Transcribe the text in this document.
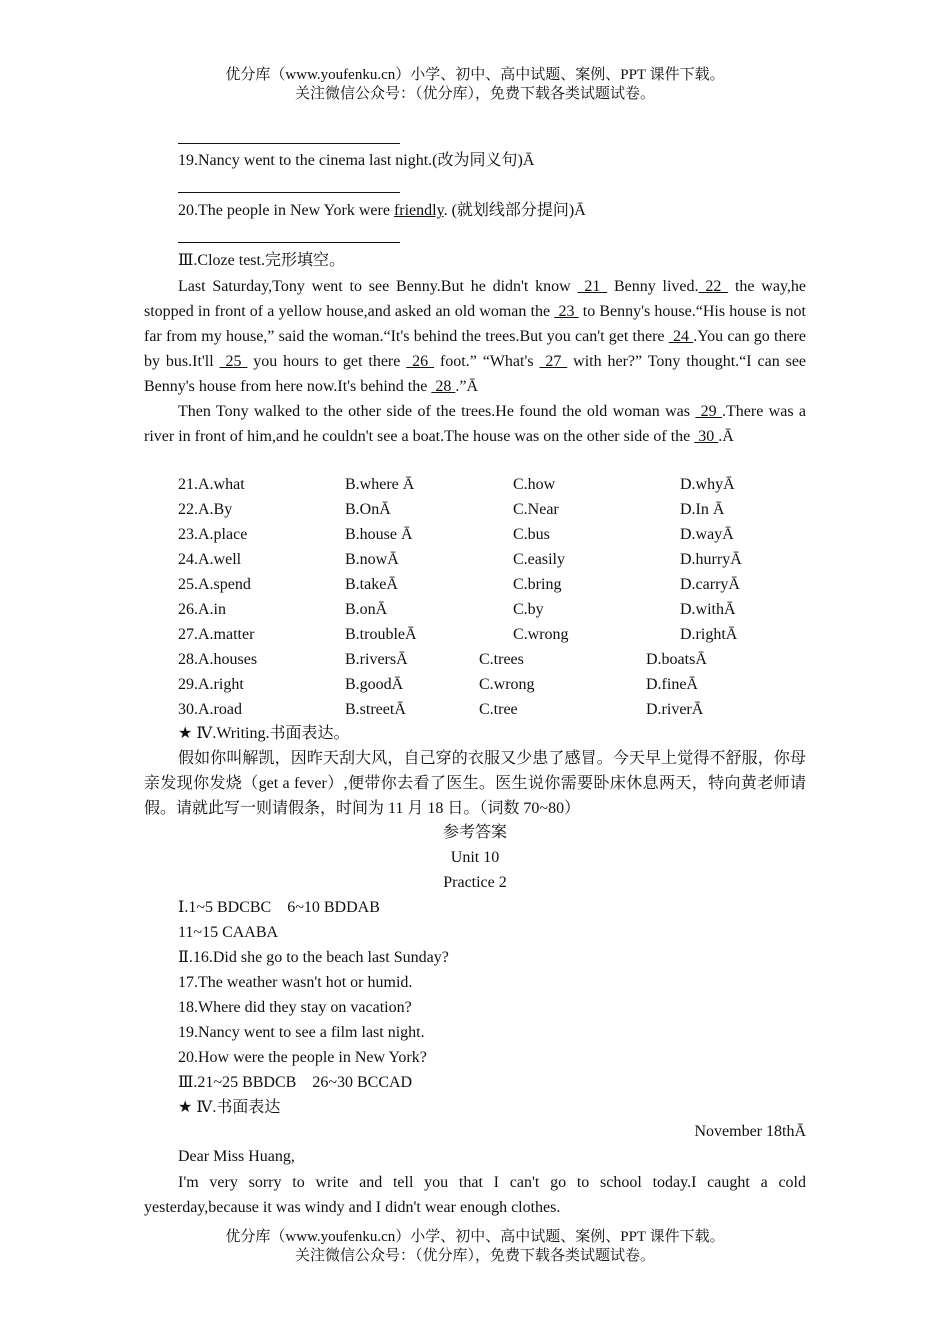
优分库（www.youfenku.cn）小学、初中、高中试题、案例、PPT 课件下载。
关注微信公众号：（优分库），免费下载各类试题试卷。
19.Nancy went to the cinema last night.(改为同义句)Ā
20.The people in New York were friendly. (就划线部分提问)Ā
Ⅲ.Cloze test.完形填空。

Last Saturday,Tony went to see Benny.But he didn't know  21  Benny lived. 22  the way,he stopped in front of a yellow house,and asked an old woman the  23  to Benny's house.“His house is not far from my house,” said the woman.“It's behind the trees.But you can't get there  24 .You can go there by bus.It'll  25  you hours to get there  26  foot.” “What's  27  with her?” Tony thought.“I can see Benny's house from here now.It's behind the  28 .”Ā

Then Tony walked to the other side of the trees.He found the old woman was  29 .There was a river in front of him,and he couldn't see a boat.The house was on the other side of the  30 .Ā

21.A.what	B.where Ā	C.how	D.whyĀ
22.A.By	B.OnĀ	C.Near	D.In Ā
23.A.place	B.house Ā	C.bus	D.wayĀ
24.A.well	B.nowĀ	C.easily	D.hurryĀ
25.A.spend	B.takeĀ	C.bring	D.carryĀ
26.A.in	B.onĀ	C.by	D.withĀ
27.A.matter	B.troubleĀ	C.wrong	D.rightĀ
28.A.houses	B.riversĀ	C.trees	D.boatsĀ
29.A.right	B.goodĀ	C.wrong	D.fineĀ
30.A.road	B.streetĀ	C.tree	D.riverĀ
★ Ⅳ.Writing.书面表达。

假如你叫解凯，因昨天刮大风，自己穿的衣服又少患了感冒。今天早上觉得不舒服，你母亲发现你发烧（get a fever）,便带你去看了医生。医生说你需要卧床休息两天，特向黄老师请假。请就此写一则请假条，时间为 11 月 18 日。（词数 70~80）

参考答案
Unit 10
Practice 2
Ⅰ.1~5 BDCBC　6~10 BDDAB
11~15 CAABA
Ⅱ.16.Did she go to the beach last Sunday?
17.The weather wasn't hot or humid.
18.Where did they stay on vacation?
19.Nancy went to see a film last night.
20.How were the people in New York?
Ⅲ.21~25 BBDCB　26~30 BCCAD
★ Ⅳ.书面表达
November 18thĀ
Dear Miss Huang,

I'm very sorry to write and tell you that I can't go to school today.I caught a cold yesterday,because it was windy and I didn't wear enough clothes.

优分库（www.youfenku.cn）小学、初中、高中试题、案例、PPT 课件下载。
关注微信公众号：（优分库），免费下载各类试题试卷。
